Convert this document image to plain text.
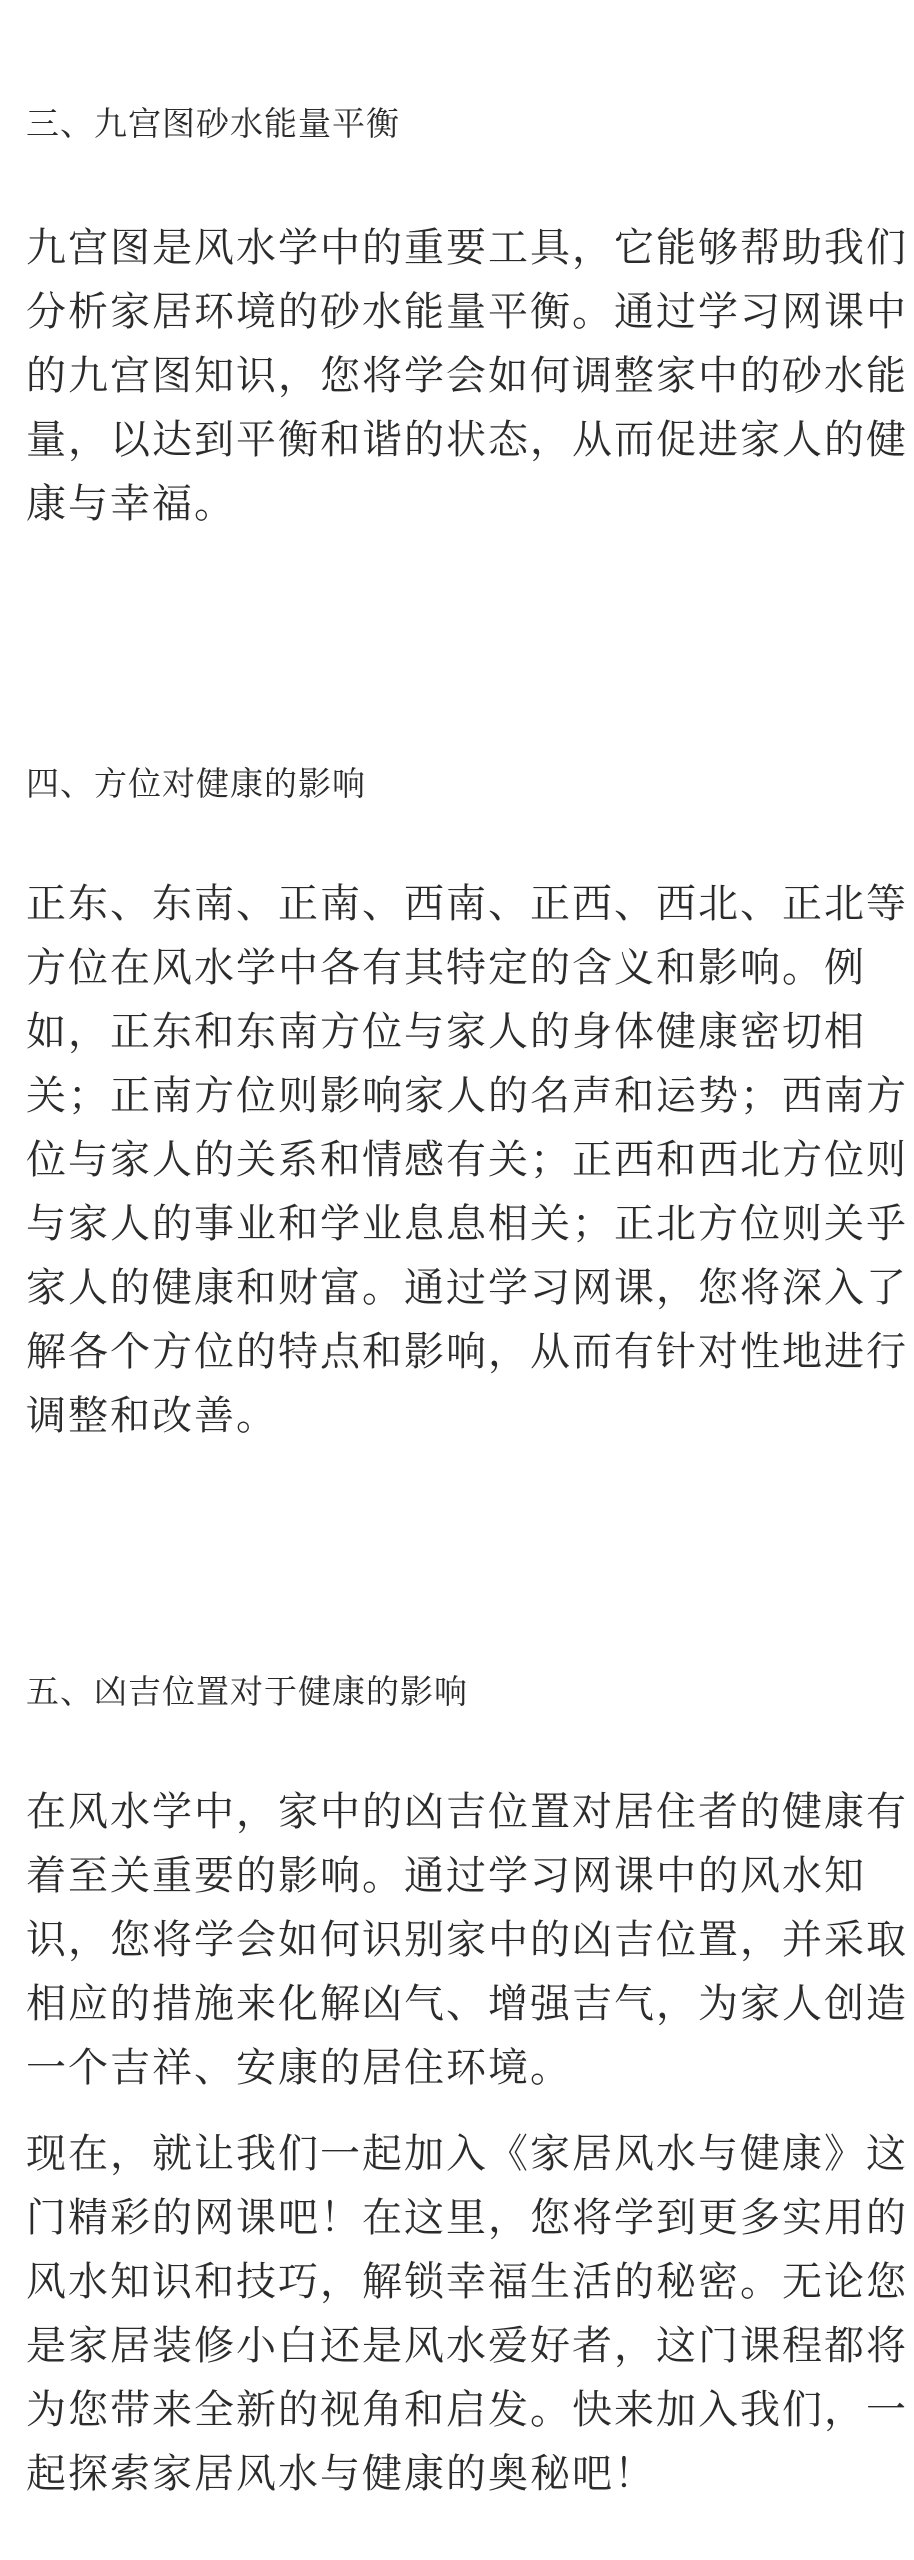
三、九宫图砂水能量平衡

九宫图是风水学中的重要工具，它能够帮助我们
分析家居环境的砂水能量平衡。通过学习网课中
的九宫图知识，您将学会如何调整家中的砂水能
量，以达到平衡和谐的状态，从而促进家人的健
康与幸福。

四、方位对健康的影响

正东、东南、正南、西南、正西、西北、正北等
方位在风水学中各有其特定的含义和影响。例
如，正东和东南方位与家人的身体健康密切相
关；正南方位则影响家人的名声和运势；西南方
位与家人的关系和情感有关；正西和西北方位则
与家人的事业和学业息息相关；正北方位则关乎
家人的健康和财富。通过学习网课，您将深入了
解各个方位的特点和影响，从而有针对性地进行
调整和改善。

五、凶吉位置对于健康的影响

在风水学中，家中的凶吉位置对居住者的健康有
着至关重要的影响。通过学习网课中的风水知
识，您将学会如何识别家中的凶吉位置，并采取
相应的措施来化解凶气、增强吉气，为家人创造
一个吉祥、安康的居住环境。

现在，就让我们一起加入《家居风水与健康》这
门精彩的网课吧！在这里，您将学到更多实用的
风水知识和技巧，解锁幸福生活的秘密。无论您
是家居装修小白还是风水爱好者，这门课程都将
为您带来全新的视角和启发。快来加入我们，一
起探索家居风水与健康的奥秘吧！
